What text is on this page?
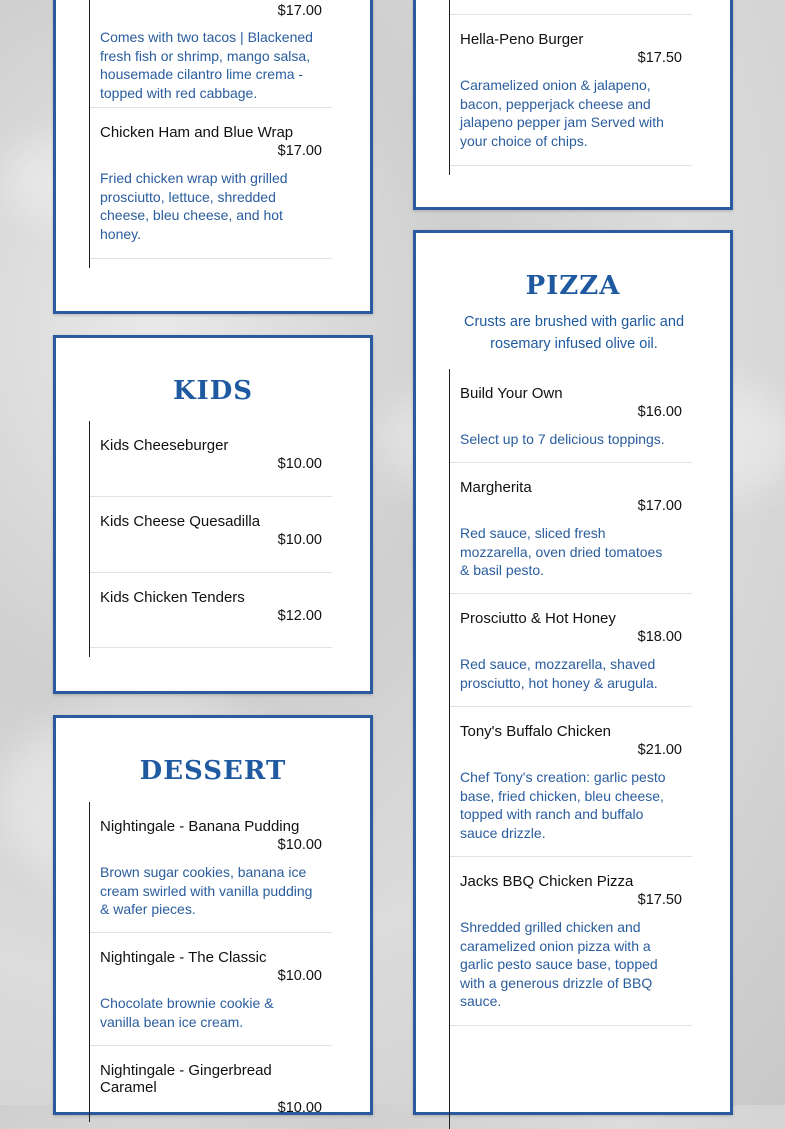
$17.00
Comes with two tacos | Blackened fresh fish or shrimp, mango salsa, housemade cilantro lime crema - topped with red cabbage.
Chicken Ham and Blue Wrap
$17.00
Fried chicken wrap with grilled prosciutto, lettuce, shredded cheese, bleu cheese, and hot honey.
Hella-Peno Burger
$17.50
Caramelized onion & jalapeno, bacon, pepperjack cheese and jalapeno pepper jam Served with your choice of chips.
KIDS
Kids Cheeseburger
$10.00
Kids Cheese Quesadilla
$10.00
Kids Chicken Tenders
$12.00
DESSERT
Nightingale - Banana Pudding
$10.00
Brown sugar cookies, banana ice cream swirled with vanilla pudding & wafer pieces.
Nightingale - The Classic
$10.00
Chocolate brownie cookie & vanilla bean ice cream.
Nightingale - Gingerbread Caramel
$10.00
PIZZA
Crusts are brushed with garlic and rosemary infused olive oil.
Build Your Own
$16.00
Select up to 7 delicious toppings.
Margherita
$17.00
Red sauce, sliced fresh mozzarella, oven dried tomatoes & basil pesto.
Prosciutto & Hot Honey
$18.00
Red sauce, mozzarella, shaved prosciutto, hot honey & arugula.
Tony's Buffalo Chicken
$21.00
Chef Tony's creation: garlic pesto base, fried chicken, bleu cheese, topped with ranch and buffalo sauce drizzle.
Jacks BBQ Chicken Pizza
$17.50
Shredded grilled chicken and caramelized onion pizza with a garlic pesto sauce base, topped with a generous drizzle of BBQ sauce.
